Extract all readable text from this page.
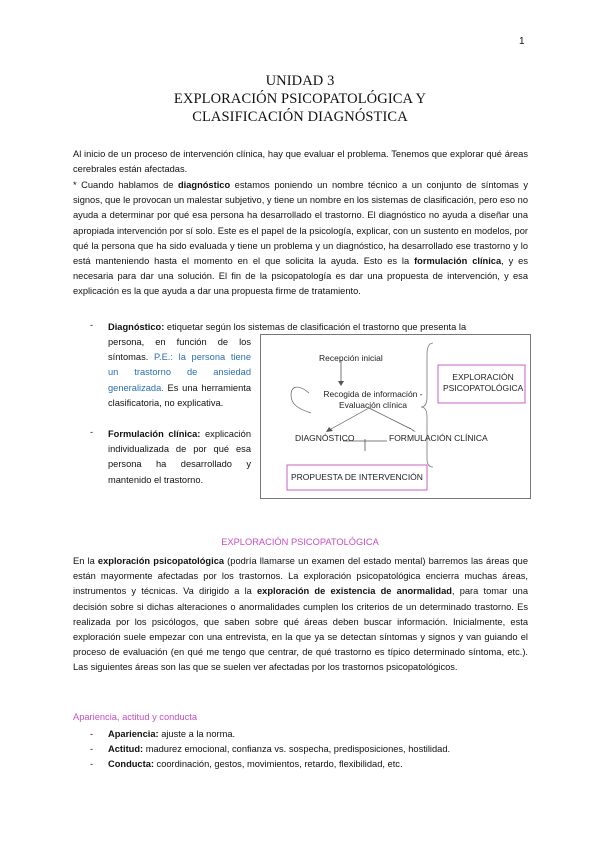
1
UNIDAD 3
EXPLORACIÓN PSICOPATOLÓGICA Y
CLASIFICACIÓN DIAGNÓSTICA
Al inicio de un proceso de intervención clínica, hay que evaluar el problema. Tenemos que explorar qué áreas cerebrales están afectadas.
* Cuando hablamos de diagnóstico estamos poniendo un nombre técnico a un conjunto de síntomas y signos, que le provocan un malestar subjetivo, y tiene un nombre en los sistemas de clasificación, pero eso no ayuda a determinar por qué esa persona ha desarrollado el trastorno. El diagnóstico no ayuda a diseñar una apropiada intervención por sí solo. Este es el papel de la psicología, explicar, con un sustento en modelos, por qué la persona que ha sido evaluada y tiene un problema y un diagnóstico, ha desarrollado ese trastorno y lo está manteniendo hasta el momento en el que solicita la ayuda. Esto es la formulación clínica, y es necesaria para dar una solución. El fin de la psicopatología es dar una propuesta de intervención, y esa explicación es la que ayuda a dar una propuesta firme de tratamiento.
- Diagnóstico: etiquetar según los sistemas de clasificación el trastorno que presenta la
persona, en función de los síntomas. P.E.: la persona tiene un trastorno de ansiedad generalizada. Es una herramienta clasificatoria, no explicativa.
- Formulación clínica: explicación individualizada de por qué esa persona ha desarrollado y mantenido el trastorno.
Recepción inicial
Recogida de información -
Evaluación clínica
DIAGNÓSTICO	FORMULACIÓN CLÍNICA
PROPUESTA DE INTERVENCIÓN
EXPLORACIÓN
PSICOPATOLÓGICA
EXPLORACIÓN PSICOPATOLÓGICA
En la exploración psicopatológica (podría llamarse un examen del estado mental) barremos las áreas que están mayormente afectadas por los trastornos. La exploración psicopatológica encierra muchas áreas, instrumentos y técnicas. Va dirigido a la exploración de existencia de anormalidad, para tomar una decisión sobre si dichas alteraciones o anormalidades cumplen los criterios de un determinado trastorno. Es realizada por los psicólogos, que saben sobre qué áreas deben buscar información. Inicialmente, esta exploración suele empezar con una entrevista, en la que ya se detectan síntomas y signos y van guiando el proceso de evaluación (en qué me tengo que centrar, de qué trastorno es típico determinado síntoma, etc.). Las siguientes áreas son las que se suelen ver afectadas por los trastornos psicopatológicos.
Apariencia, actitud y conducta
- Apariencia: ajuste a la norma.
- Actitud: madurez emocional, confianza vs. sospecha, predisposiciones, hostilidad.
- Conducta: coordinación, gestos, movimientos, retardo, flexibilidad, etc.
